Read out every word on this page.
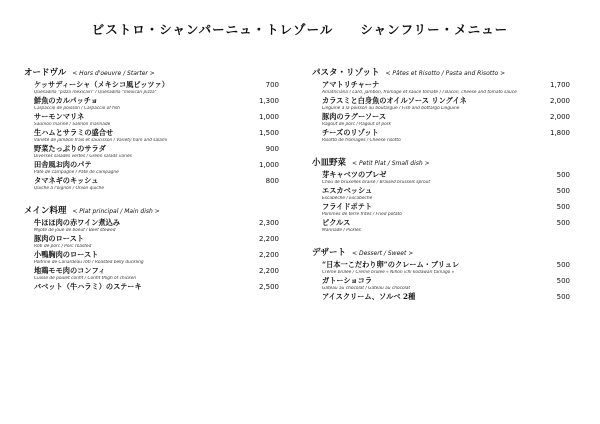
ビストロ・シャンパーニュ・トレゾール　　シャンフリー・メニュー
オードヴル < Hors d'oeuvre / Starter >
ケッサディーシャ（メキシコ風ピッツァ）	700
Quesadilla "pizza mexicain" / Quesadilla "mexican pizza"
鮮魚のカルパッチョ	1,300
Carpaccio de poisson / Carpaccio of fish
サーモンマリネ	1,000
Saumon mariné / Salmon marinade
生ハムとサラミの盛合せ	1,500
Variété de jambon frais et saucisson / Variety ham and salami
野菜たっぷりのサラダ	900
Diverses salades vertes / Green salads variés
田舎風お肉のパテ	1,000
Pâté de campagne / Pâte de campagne
タマネギのキッシュ	800
Quiche à l'oignon / Onion quiche
メイン料理 < Plat principal / Main dish >
牛ほほ肉の赤ワイン煮込み	2,300
Mijoté de joue de boeuf / Beef stewed
豚肉のロースト	2,200
Rôti de porc / Porc roasted
小鴨胸肉のロースト	2,200
Poitrine de Canardeau rôti / Roasted belly duckling
地鶏モモ肉のコンフィ	2,200
Cuisse de poulet confit / Confit thigh of chicken
バベット（牛ハラミ）のステーキ	2,500
パスタ・リゾット < Pâtes et Risotto / Pasta and Risotto >
アマトリチャーナ	1,700
Amatriciana ( Lard, jambon, fromage et sauce tomate ) / Bacon, cheese and tomato sauce
カラスミと白身魚のオイルソース リングイネ	2,000
Linguine à la poisson au boutargue / Fish and bottargo Linguine
豚肉のラグーソース	2,000
Ragout de porc / Ragout of pork
チーズのリゾット	1,800
Risotto de fromages / Cheese risotto
小皿野菜 < Petit Plat / Small dish >
芽キャベツのブレゼ	500
Chou de bruxelles braisé / Braised brussels sprout
エスカベッシュ	500
Escabèche / Escabèche
フライドポテト	500
Pommes de terre frites / Fried potato
ピクルス	500
Marinade / Pickles
デザート < Dessert / Sweet >
“日本一こだわり卵”のクレーム・ブリュレ	500
Crème brûlée / Creme brulee « Nihon ichi kodawari tamago »
ガトーショコラ	500
Gâteau au chocolat / Gateau au chocolat
アイスクリーム、ソルベ 2種	500
